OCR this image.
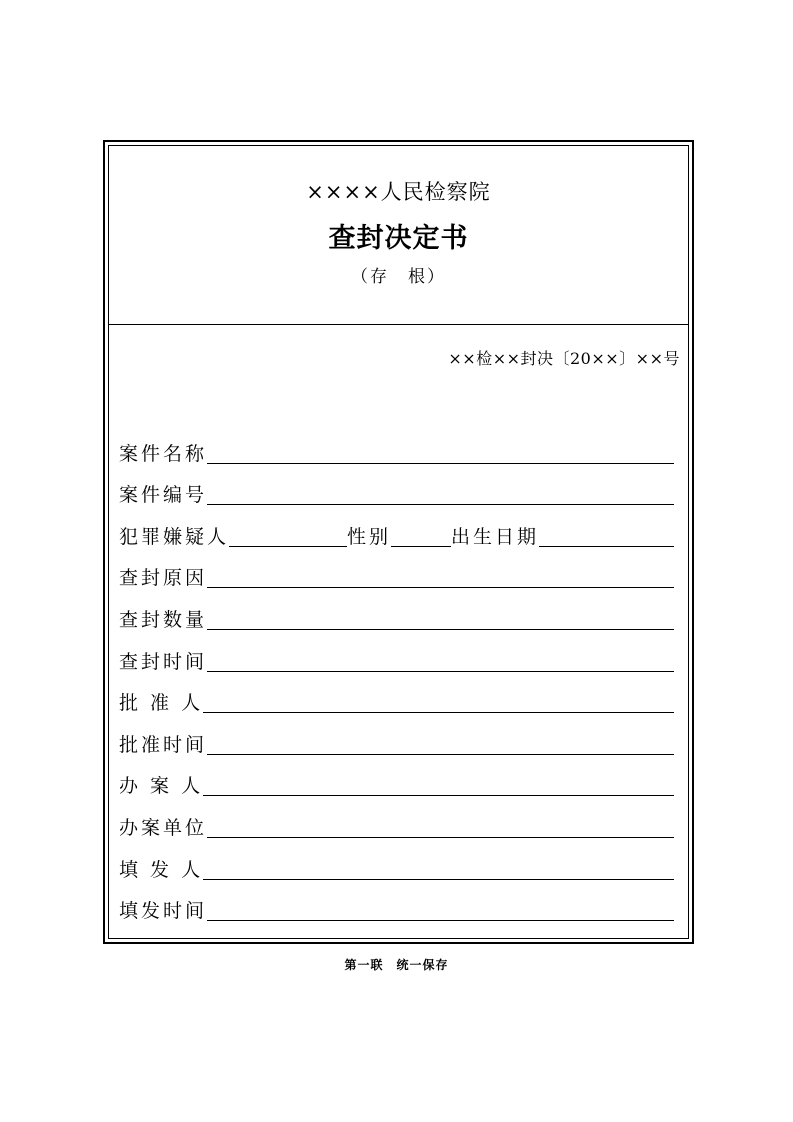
××××人民检察院
查封决定书
（存　根）
××检××封决〔20××〕××号
案件名称
案件编号
犯罪嫌疑人	性别	出生日期
查封原因
查封数量
查封时间
批 准 人
批准时间
办 案 人
办案单位
填 发 人
填发时间
第一联　统一保存
